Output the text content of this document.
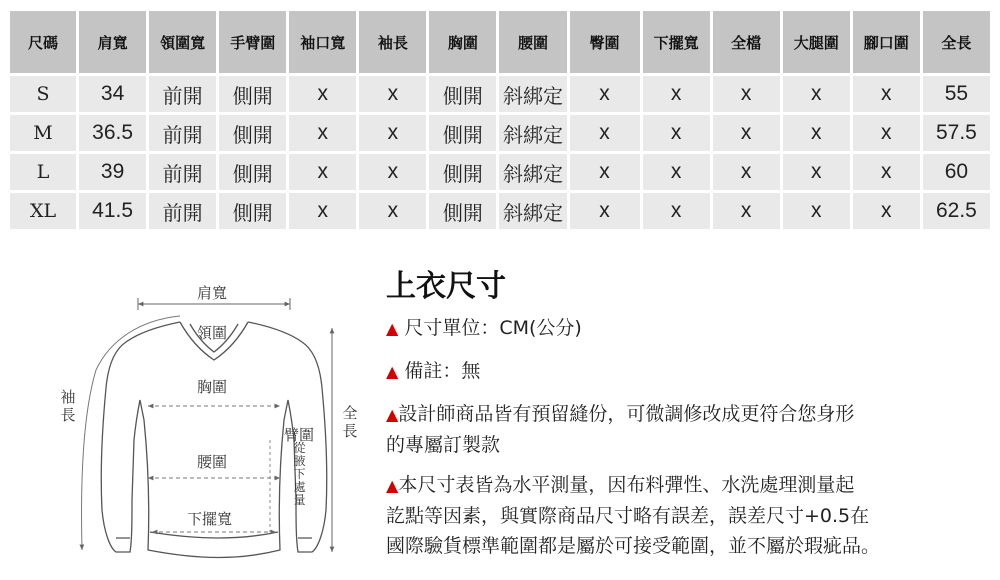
尺碼	肩寬	領圍寬	手臂圍	袖口寬	袖長	胸圍	腰圍	臀圍	下擺寬	全檔	大腿圍	腳口圍	全長
S	34	前開	側開	x	x	側開	斜綁定	x	x	x	x	x	55
M	36.5	前開	側開	x	x	側開	斜綁定	x	x	x	x	x	57.5
L	39	前開	側開	x	x	側開	斜綁定	x	x	x	x	x	60
XL	41.5	前開	側開	x	x	側開	斜綁定	x	x	x	x	x	62.5
肩寬
領圍
胸圍
腰圍
下擺寬
袖長	全長
臂圍
從腋下處量
上衣尺寸

▲ 尺寸單位：CM(公分)

▲ 備註：無

▲設計師商品皆有預留縫份，可微調修改成更符合您身形
的專屬訂製款

▲本尺寸表皆為水平測量，因布料彈性、水洗處理測量起
訖點等因素，與實際商品尺寸略有誤差，誤差尺寸+0.5在
國際驗貨標準範圍都是屬於可接受範圍，並不屬於瑕疵品。
